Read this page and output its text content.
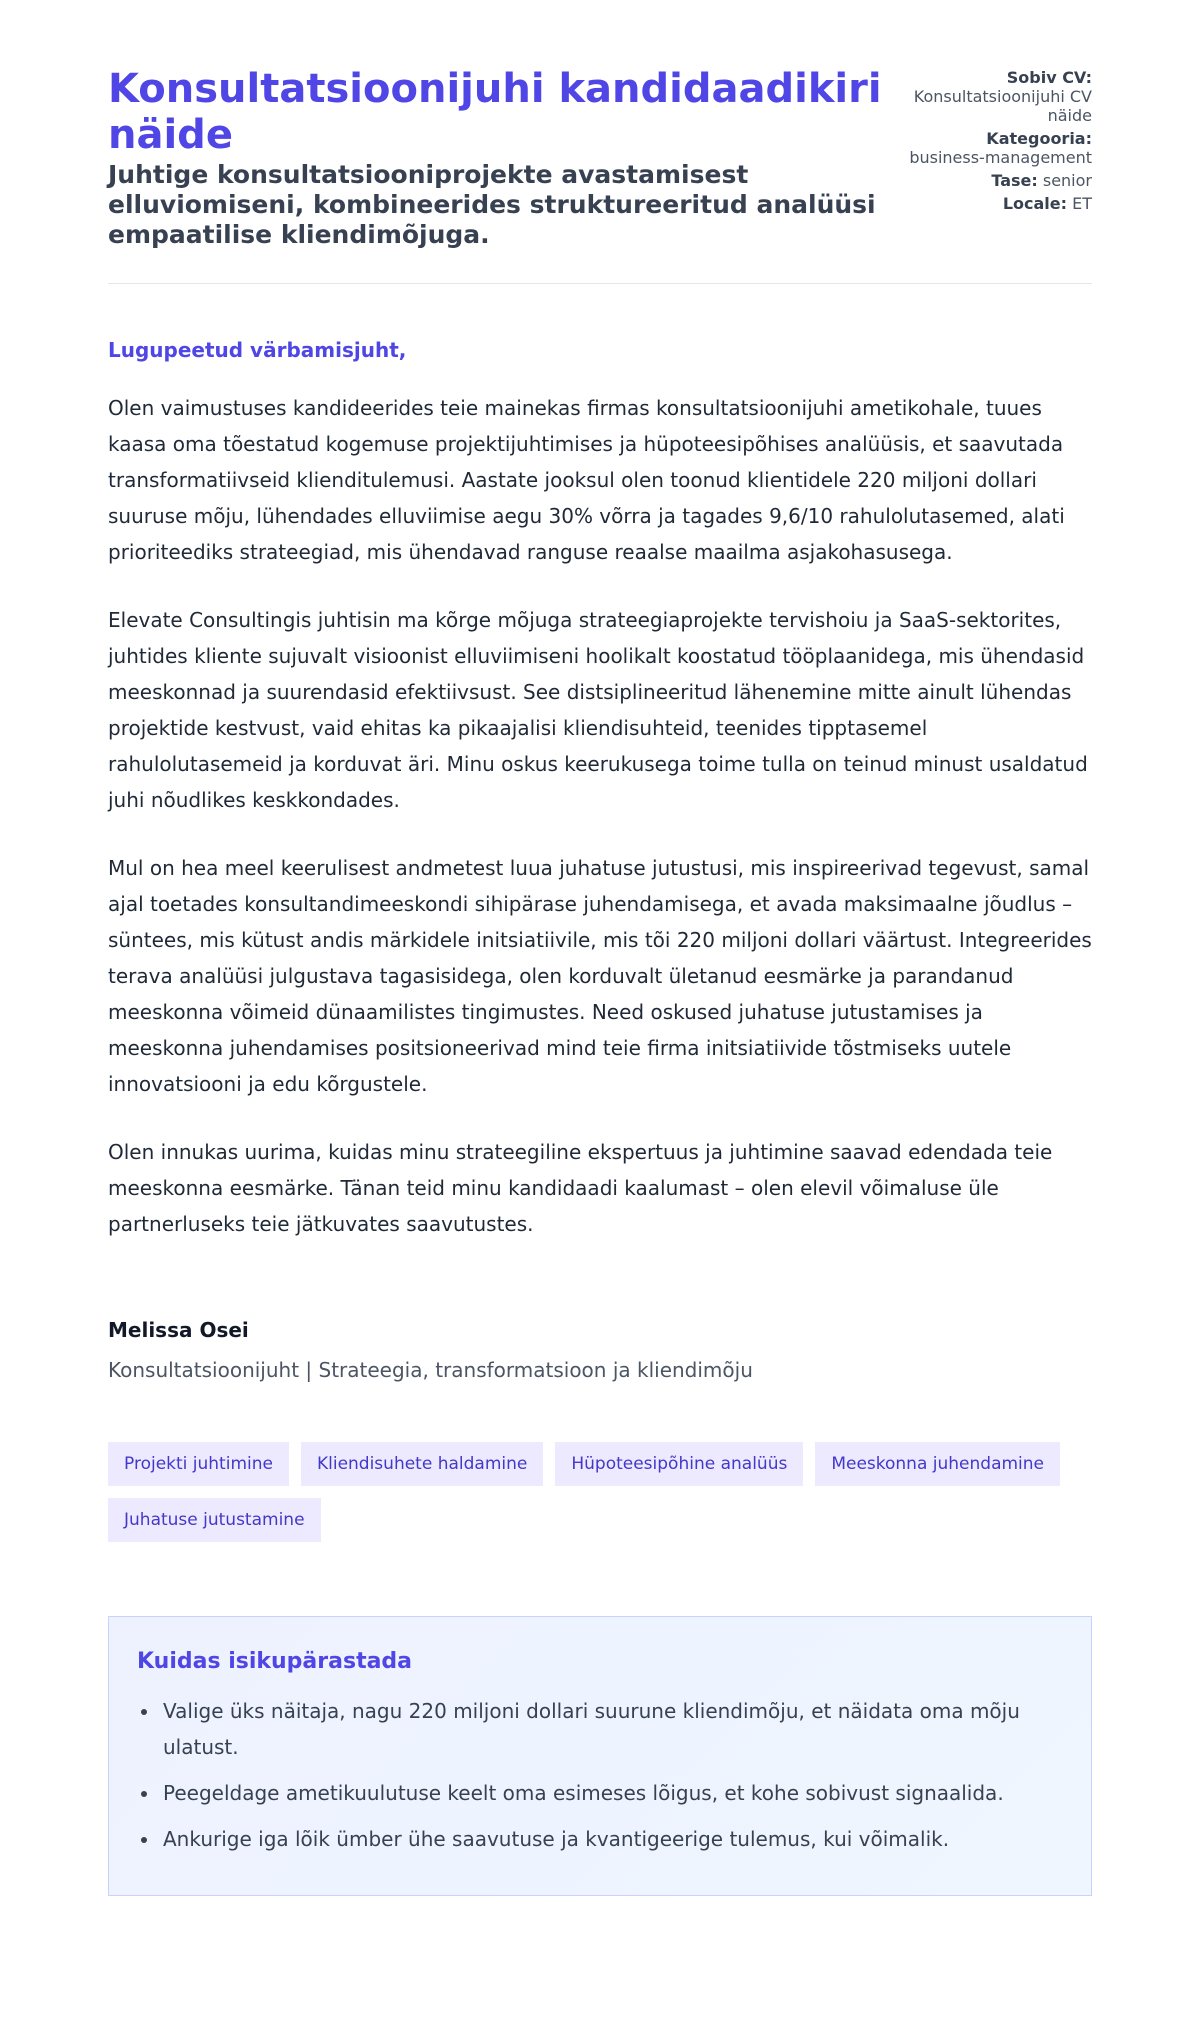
Konsultatsioonijuhi kandidaadikiri näide
Juhtige konsultatsiooniprojekte avastamisest elluviomiseni, kombineerides struktureeritud analüüsi empaatilise kliendimõjuga.
Sobiv CV:
Konsultatsioonijuhi CV näide
Kategooria:
business-management
Tase: senior
Locale: ET
Lugupeetud värbamisjuht,

Olen vaimustuses kandideerides teie mainekas firmas konsultatsioonijuhi ametikohale, tuues kaasa oma tõestatud kogemuse projektijuhtimises ja hüpoteesipõhises analüüsis, et saavutada transformatiivseid klienditulemusi. Aastate jooksul olen toonud klientidele 220 miljoni dollari suuruse mõju, lühendades elluviimise aegu 30% võrra ja tagades 9,6/10 rahulolutasemed, alati prioriteediks strateegiad, mis ühendavad ranguse reaalse maailma asjakohasusega.

Elevate Consultingis juhtisin ma kõrge mõjuga strateegiaprojekte tervishoiu ja SaaS-sektorites, juhtides kliente sujuvalt visioonist elluviimiseni hoolikalt koostatud tööplaanidega, mis ühendasid meeskonnad ja suurendasid efektiivsust. See distsiplineeritud lähenemine mitte ainult lühendas projektide kestvust, vaid ehitas ka pikaajalisi kliendisuhteid, teenides tipptasemel rahulolutasemeid ja korduvat äri. Minu oskus keerukusega toime tulla on teinud minust usaldatud juhi nõudlikes keskkondades.

Mul on hea meel keerulisest andmetest luua juhatuse jutustusi, mis inspireerivad tegevust, samal ajal toetades konsultandimeeskondi sihipärase juhendamisega, et avada maksimaalne jõudlus – süntees, mis kütust andis märkidele initsiatiivile, mis tõi 220 miljoni dollari väärtust. Integreerides terava analüüsi julgustava tagasisidega, olen korduvalt ületanud eesmärke ja parandanud meeskonna võimeid dünaamilistes tingimustes. Need oskused juhatuse jutustamises ja meeskonna juhendamises positsioneerivad mind teie firma initsiatiivide tõstmiseks uutele innovatsiooni ja edu kõrgustele.

Olen innukas uurima, kuidas minu strateegiline ekspertuus ja juhtimine saavad edendada teie meeskonna eesmärke. Tänan teid minu kandidaadi kaalumast – olen elevil võimaluse üle partnerluseks teie jätkuvates saavutustes.

Melissa Osei
Konsultatsioonijuht | Strateegia, transformatsioon ja kliendimõju
Projekti juhtimine	Kliendisuhete haldamine	Hüpoteesipõhine analüüs	Meeskonna juhendamine
Juhatuse jutustamine
Kuidas isikupärastada
Valige üks näitaja, nagu 220 miljoni dollari suurune kliendimõju, et näidata oma mõju ulatust.
Peegeldage ametikuulutuse keelt oma esimeses lõigus, et kohe sobivust signaalida.
Ankurige iga lõik ümber ühe saavutuse ja kvantigeerige tulemus, kui võimalik.
